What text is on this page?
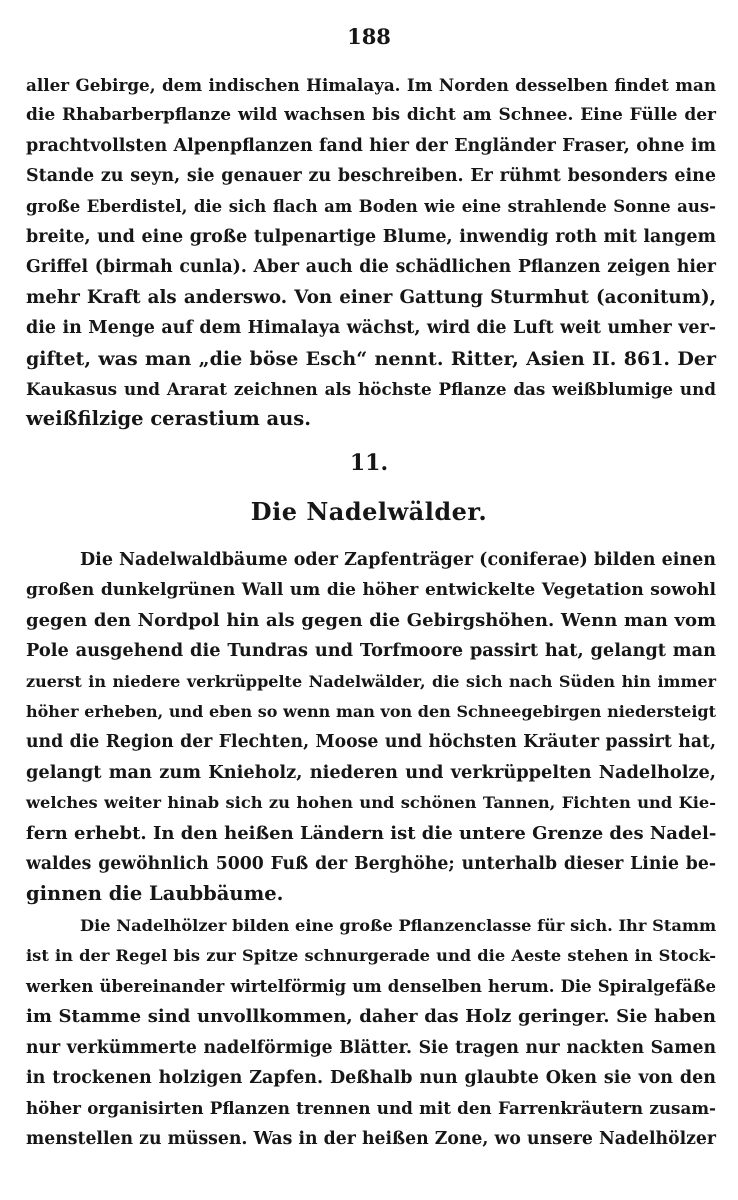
188
aller Gebirge, dem indischen Himalaya. Im Norden desselben findet man
die Rhabarberpflanze wild wachsen bis dicht am Schnee. Eine Fülle der
prachtvollsten Alpenpflanzen fand hier der Engländer Fraser, ohne im
Stande zu seyn, sie genauer zu beschreiben. Er rühmt besonders eine
große Eberdistel, die sich flach am Boden wie eine strahlende Sonne aus-
breite, und eine große tulpenartige Blume, inwendig roth mit langem
Griffel (birmah cunla). Aber auch die schädlichen Pflanzen zeigen hier
mehr Kraft als anderswo. Von einer Gattung Sturmhut (aconitum),
die in Menge auf dem Himalaya wächst, wird die Luft weit umher ver-
giftet, was man „die böse Esch“ nennt. Ritter, Asien II. 861. Der
Kaukasus und Ararat zeichnen als höchste Pflanze das weißblumige und
weißfilzige cerastium aus.
11.
Die Nadelwälder.
Die Nadelwaldbäume oder Zapfenträger (coniferae) bilden einen
großen dunkelgrünen Wall um die höher entwickelte Vegetation sowohl
gegen den Nordpol hin als gegen die Gebirgshöhen. Wenn man vom
Pole ausgehend die Tundras und Torfmoore passirt hat, gelangt man
zuerst in niedere verkrüppelte Nadelwälder, die sich nach Süden hin immer
höher erheben, und eben so wenn man von den Schneegebirgen niedersteigt
und die Region der Flechten, Moose und höchsten Kräuter passirt hat,
gelangt man zum Knieholz, niederen und verkrüppelten Nadelholze,
welches weiter hinab sich zu hohen und schönen Tannen, Fichten und Kie-
fern erhebt. In den heißen Ländern ist die untere Grenze des Nadel-
waldes gewöhnlich 5000 Fuß der Berghöhe; unterhalb dieser Linie be-
ginnen die Laubbäume.
Die Nadelhölzer bilden eine große Pflanzenclasse für sich. Ihr Stamm
ist in der Regel bis zur Spitze schnurgerade und die Aeste stehen in Stock-
werken übereinander wirtelförmig um denselben herum. Die Spiralgefäße
im Stamme sind unvollkommen, daher das Holz geringer. Sie haben
nur verkümmerte nadelförmige Blätter. Sie tragen nur nackten Samen
in trockenen holzigen Zapfen. Deßhalb nun glaubte Oken sie von den
höher organisirten Pflanzen trennen und mit den Farrenkräutern zusam-
menstellen zu müssen. Was in der heißen Zone, wo unsere Nadelhölzer
